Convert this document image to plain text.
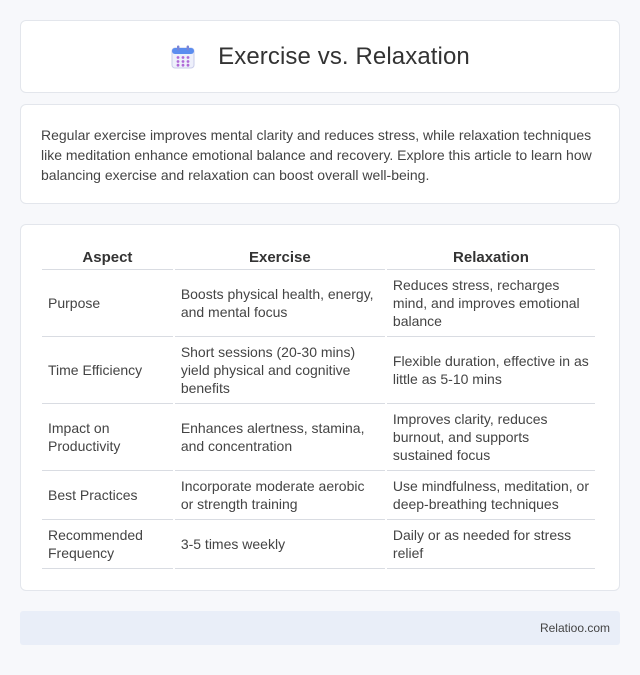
Exercise vs. Relaxation

Regular exercise improves mental clarity and reduces stress, while relaxation techniques like meditation enhance emotional balance and recovery. Explore this article to learn how balancing exercise and relaxation can boost overall well-being.

Aspect	Exercise	Relaxation
Purpose	Boosts physical health, energy, and mental focus	Reduces stress, recharges mind, and improves emotional balance
Time Efficiency	Short sessions (20-30 mins) yield physical and cognitive benefits	Flexible duration, effective in as little as 5-10 mins
Impact on Productivity	Enhances alertness, stamina, and concentration	Improves clarity, reduces burnout, and supports sustained focus
Best Practices	Incorporate moderate aerobic or strength training	Use mindfulness, meditation, or deep-breathing techniques
Recommended Frequency	3-5 times weekly	Daily or as needed for stress relief
Relatioo.com
